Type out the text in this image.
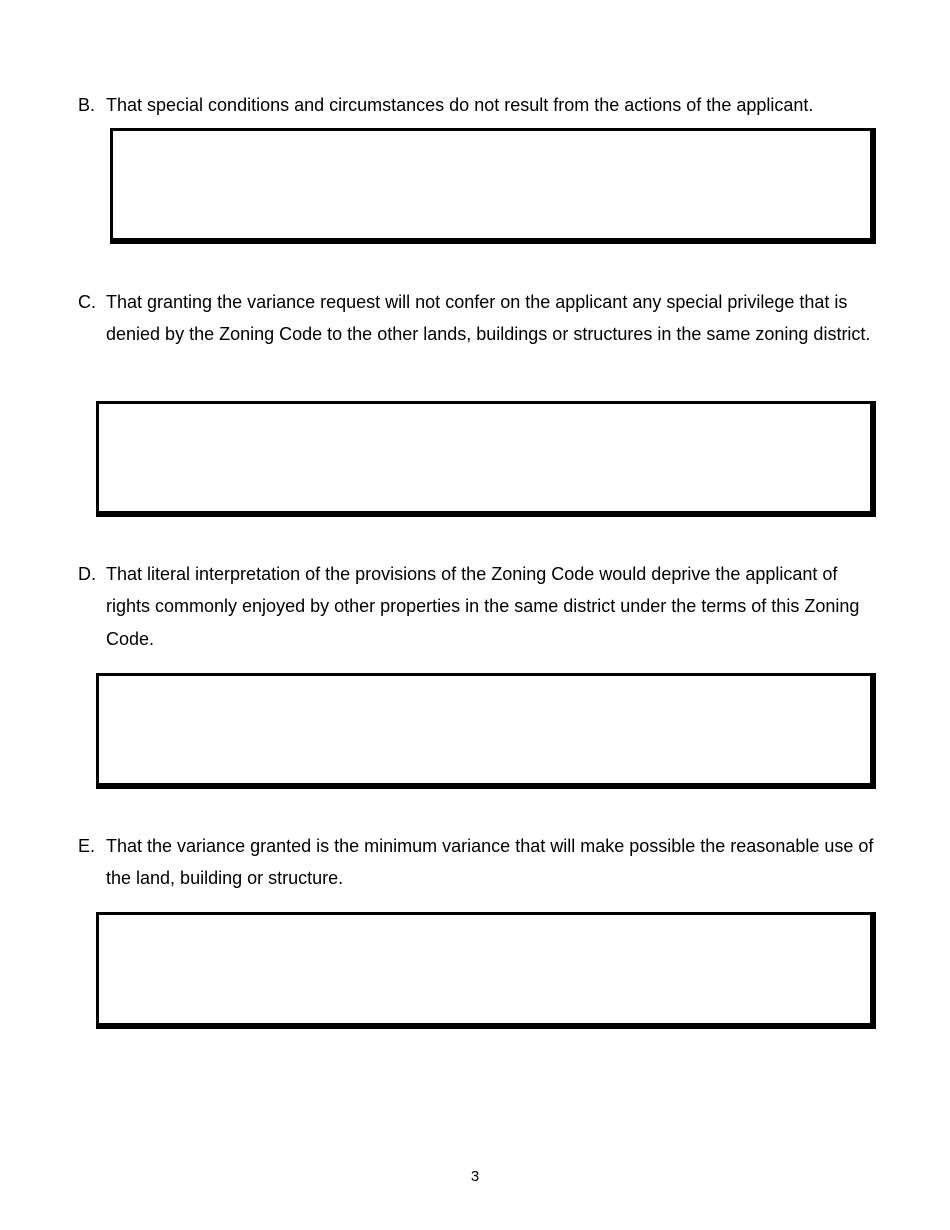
B. That special conditions and circumstances do not result from the actions of the applicant.
C. That granting the variance request will not confer on the applicant any special privilege that is denied by the Zoning Code to the other lands, buildings or structures in the same zoning district.
D. That literal interpretation of the provisions of the Zoning Code would deprive the applicant of rights commonly enjoyed by other properties in the same district under the terms of this Zoning Code.
E. That the variance granted is the minimum variance that will make possible the reasonable use of the land, building or structure.
3
